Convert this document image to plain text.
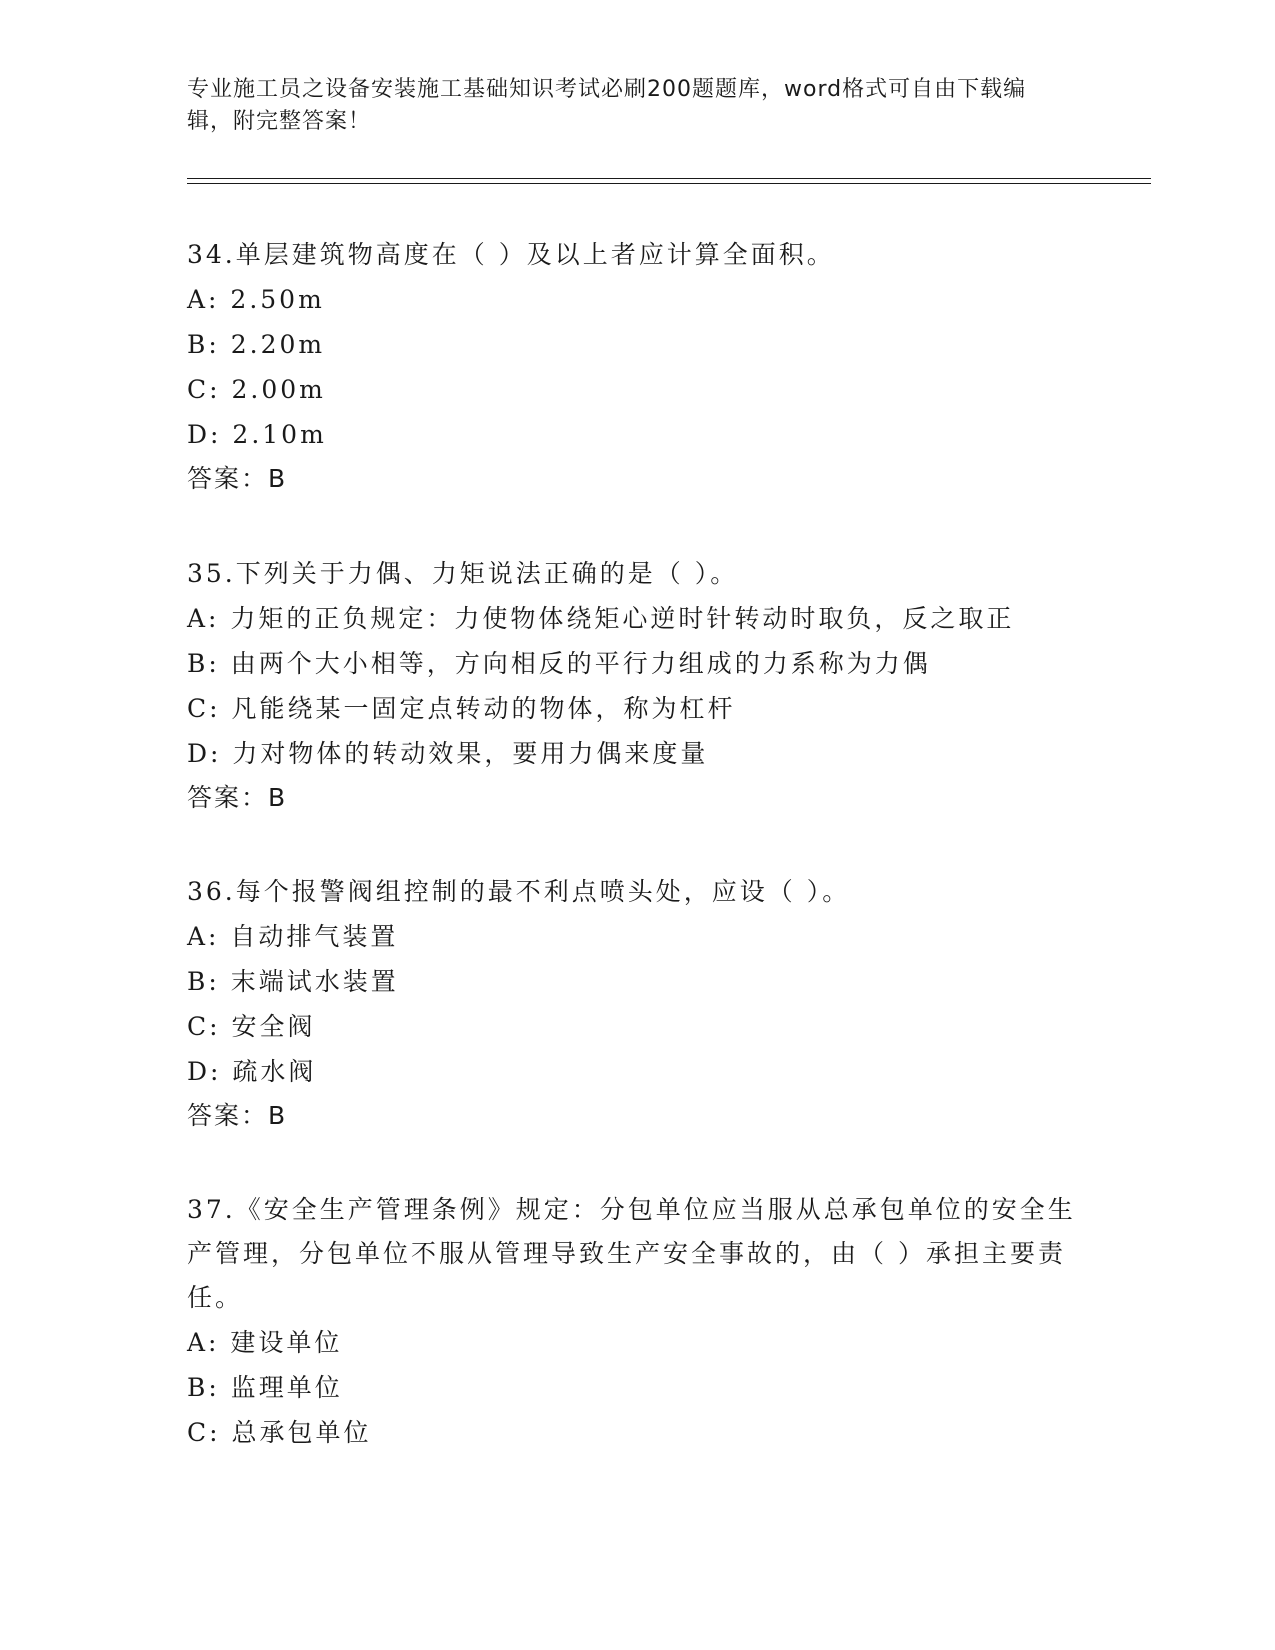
专业施工员之设备安装施工基础知识考试必刷200题题库，word格式可自由下载编辑，附完整答案！

34.单层建筑物高度在（ ）及以上者应计算全面积。

A: 2.50m

B: 2.20m

C: 2.00m

D: 2.10m

答案：B

35.下列关于力偶、力矩说法正确的是（ ）。

A: 力矩的正负规定：力使物体绕矩心逆时针转动时取负，反之取正

B: 由两个大小相等，方向相反的平行力组成的力系称为力偶

C: 凡能绕某一固定点转动的物体，称为杠杆

D: 力对物体的转动效果，要用力偶来度量

答案：B

36.每个报警阀组控制的最不利点喷头处，应设（ ）。

A: 自动排气装置

B: 末端试水装置

C: 安全阀

D: 疏水阀

答案：B

37.《安全生产管理条例》规定：分包单位应当服从总承包单位的安全生产管理，分包单位不服从管理导致生产安全事故的，由（ ）承担主要责任。

A: 建设单位

B: 监理单位

C: 总承包单位
